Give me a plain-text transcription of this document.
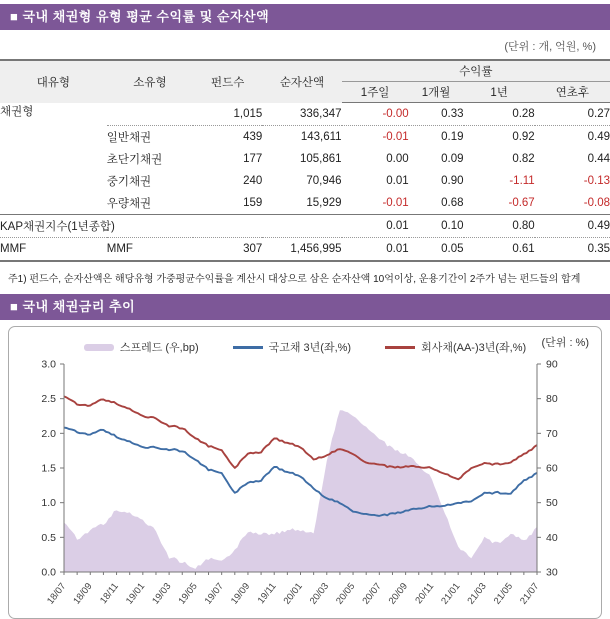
■ 국내 채권형 유형 평균 수익률 및 순자산액
(단위 : 개, 억원, %)
대유형	소유형	펀드수	순자산액	수익률			
				1주일	1개월	1년	연초후
채권형		1,015	336,347	-0.00	0.33	0.28	0.27
	일반채권	439	143,611	-0.01	0.19	0.92	0.49
	초단기채권	177	105,861	0.00	0.09	0.82	0.44
	중기채권	240	70,946	0.01	0.90	-1.11	-0.13
	우량채권	159	15,929	-0.01	0.68	-0.67	-0.08
KAP채권지수(1년종합)				0.01	0.10	0.80	0.49
MMF	MMF	307	1,456,995	0.01	0.05	0.61	0.35
주1) 펀드수, 순자산액은 해당유형 가중평균수익률을 계산시 대상으로 삼은 순자산액 10억이상, 운용기간이 2주가 넘는 펀드들의 합계
■ 국내 채권금리 추이
(단위 : %)
스프레드 (우,bp)	국고채 3년(좌,%)	회사채(AA-)3년(좌,%)
0.0
0.5
1.0
1.5
2.0
2.5
3.0
30
40
50
60
70
80
90
18/07 18/09 18/11 19/01 19/03 19/05 19/07 19/09 19/11 20/01 20/03 20/05 20/07 20/09 20/11 21/01 21/03 21/05 21/07
